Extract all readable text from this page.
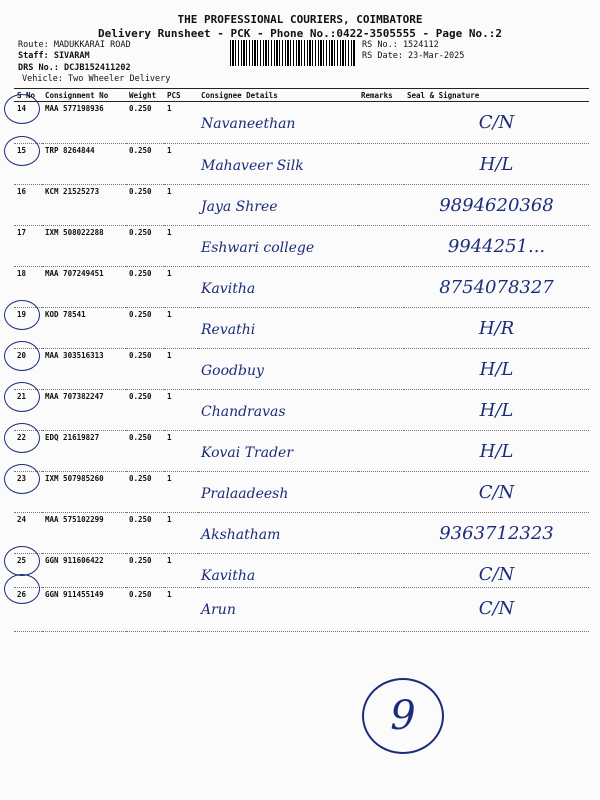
THE PROFESSIONAL COURIERS, COIMBATORE
Delivery Runsheet - PCK - Phone No.:0422-3505555 - Page No.:2
Route: MADUKKARAI ROAD
Staff: SIVARAM
DRS No.: DCJB152411202
Vehicle: Two Wheeler Delivery
RS No.: 1524112
RS Date: 23-Mar-2025
S No	Consignment No	Weight	PCS	Consignee Details	Remarks	Seal & Signature
14	MAA 577198936	0.250	1	Navaneethan		C/N
15	TRP 8264844	0.250	1	Mahaveer Silk		H/L
16	KCM 21525273	0.250	1	Jaya Shree		9894620368
17	IXM 508022288	0.250	1	Eshwari college		9944251...
18	MAA 707249451	0.250	1	Kavitha		8754078327
19	KOD 78541	0.250	1	Revathi		H/R
20	MAA 303516313	0.250	1	Goodbuy		H/L
21	MAA 707382247	0.250	1	Chandravas		H/L
22	EDQ 21619827	0.250	1	Kovai Trader		H/L
23	IXM 507985260	0.250	1	Pralaadeesh		C/N
24	MAA 575102299	0.250	1	Akshatham		9363712323
25	GGN 911606422	0.250	1	Kavitha		C/N
26	GGN 911455149	0.250	1	Arun		C/N
9
